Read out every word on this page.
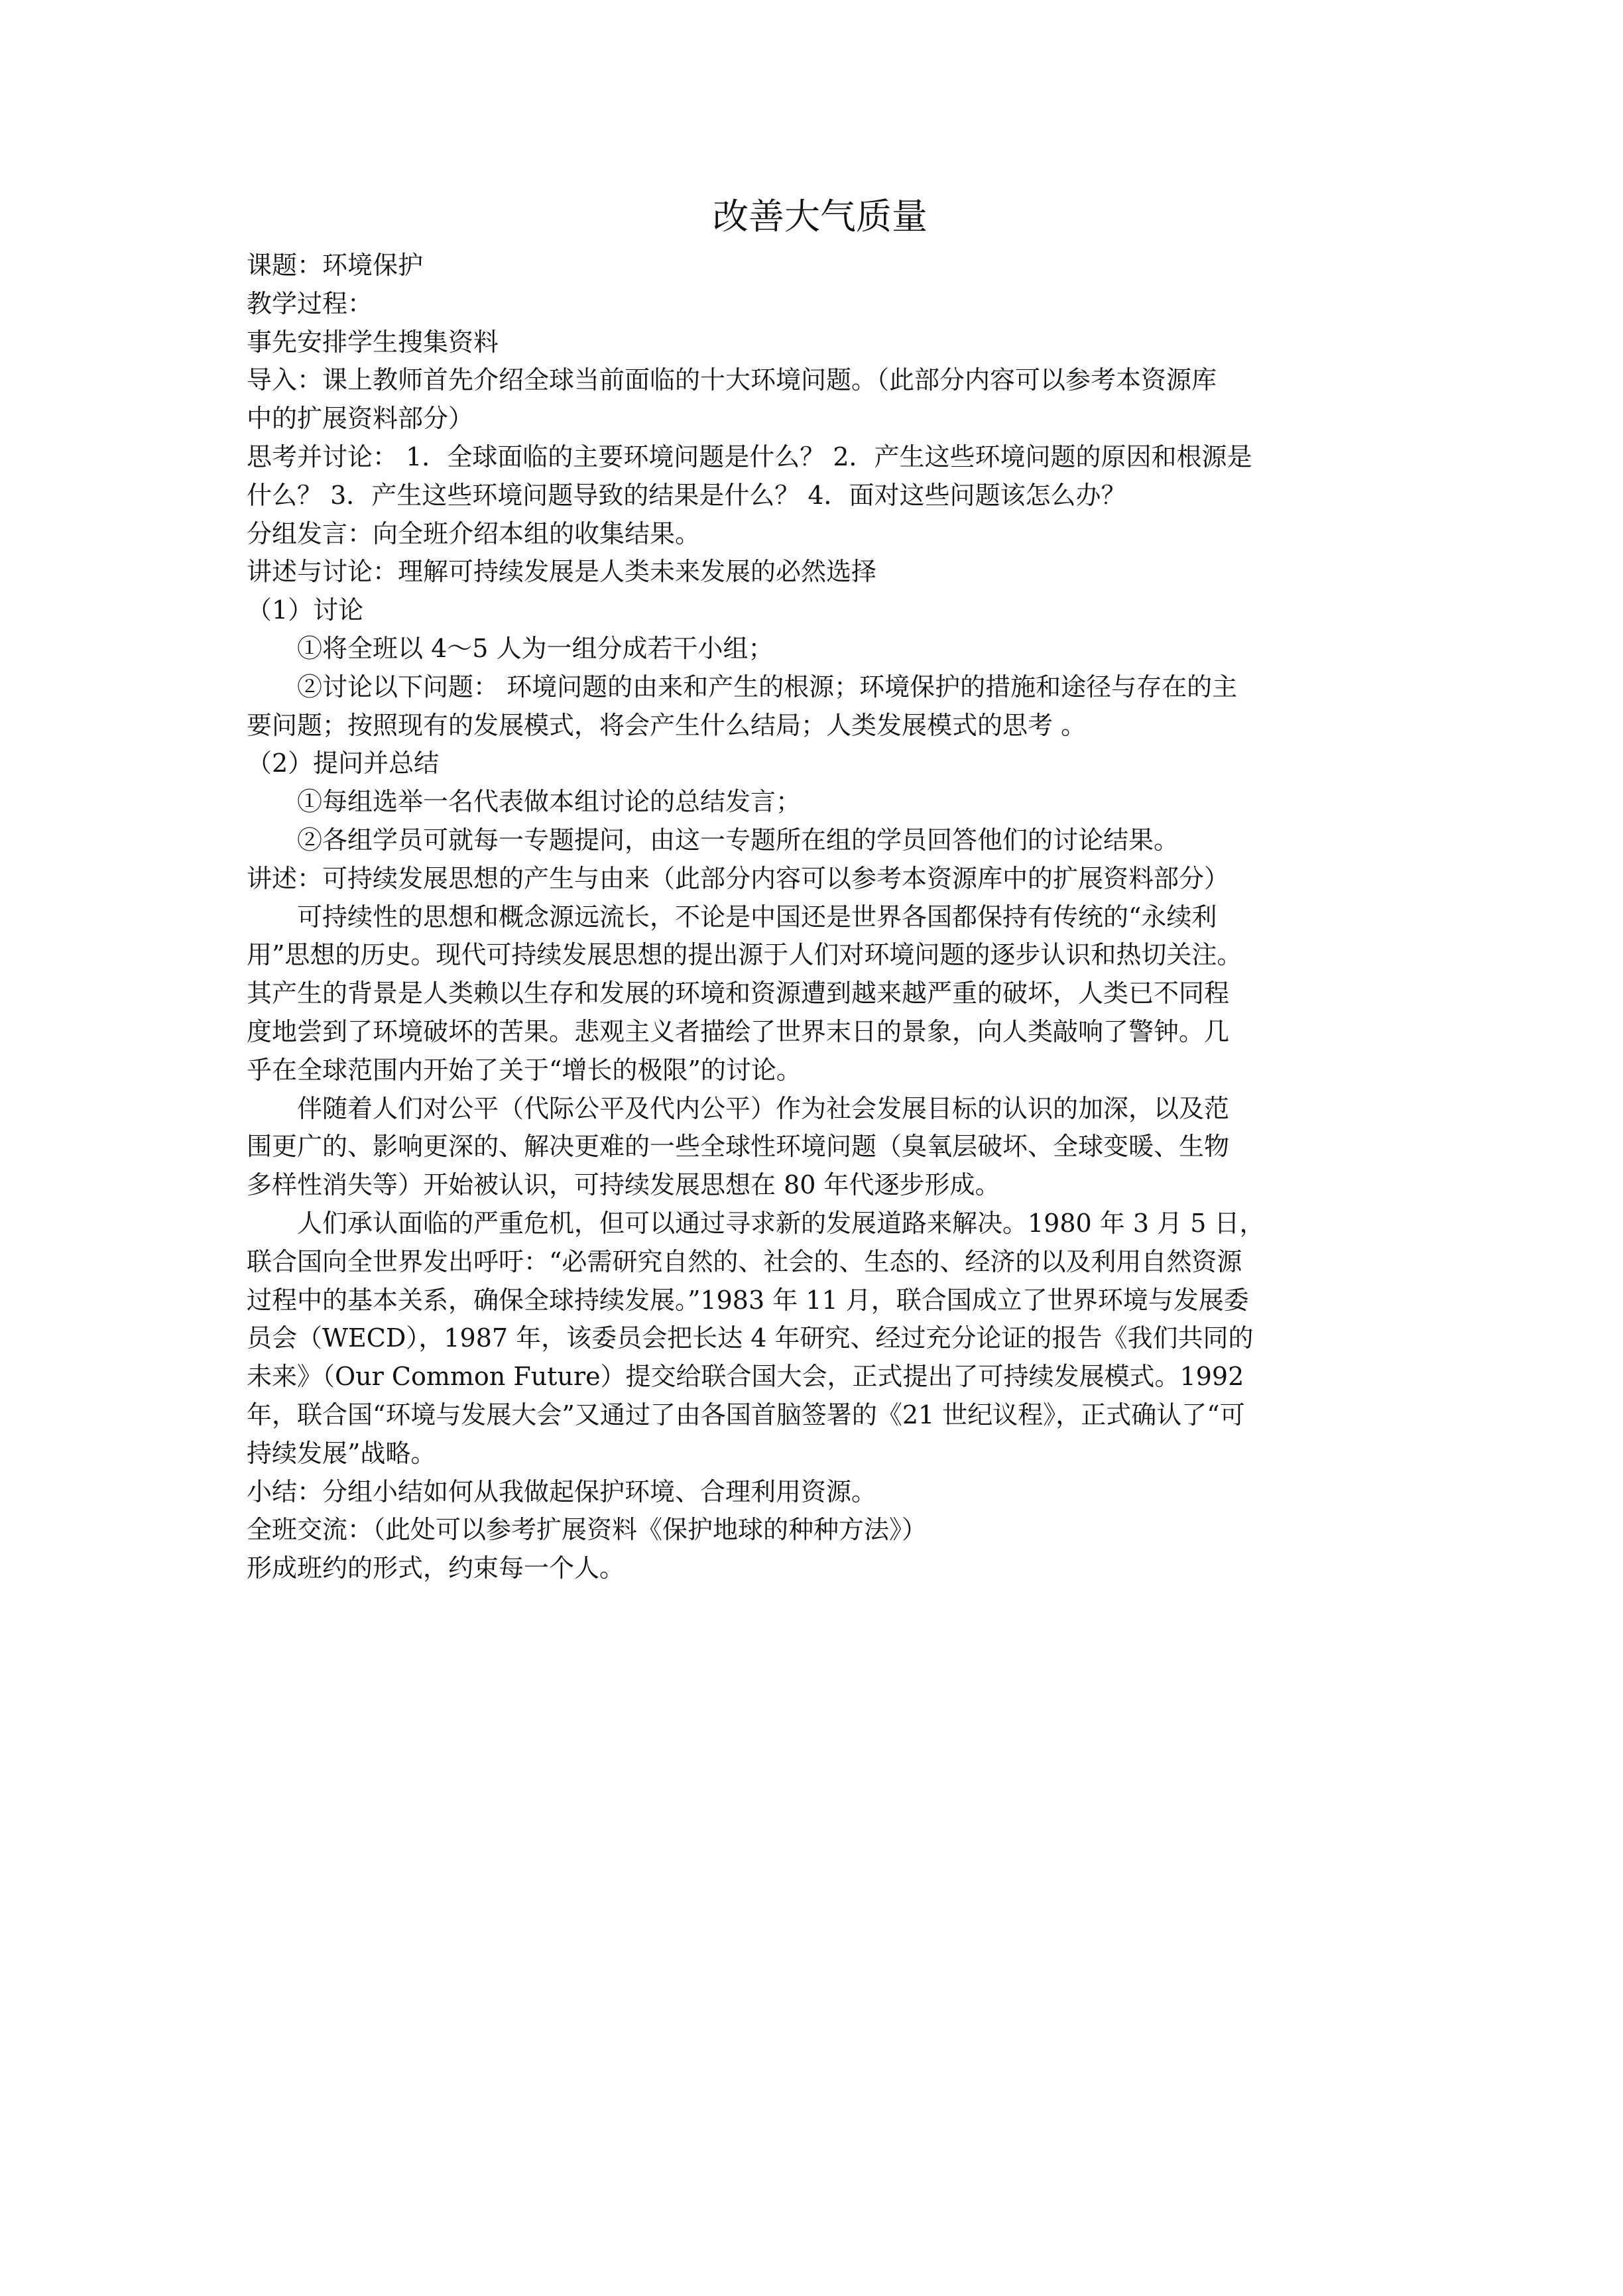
改善大气质量
课题：环境保护
教学过程：
事先安排学生搜集资料
导入：课上教师首先介绍全球当前面临的十大环境问题。（此部分内容可以参考本资源库
中的扩展资料部分）
思考并讨论： 1．全球面临的主要环境问题是什么？ 2．产生这些环境问题的原因和根源是
什么？ 3．产生这些环境问题导致的结果是什么？ 4．面对这些问题该怎么办？
分组发言：向全班介绍本组的收集结果。
讲述与讨论：理解可持续发展是人类未来发展的必然选择
（1）讨论
①将全班以 4～5 人为一组分成若干小组；
②讨论以下问题： 环境问题的由来和产生的根源；环境保护的措施和途径与存在的主
要问题；按照现有的发展模式，将会产生什么结局；人类发展模式的思考 。
（2）提问并总结
①每组选举一名代表做本组讨论的总结发言；
②各组学员可就每一专题提问，由这一专题所在组的学员回答他们的讨论结果。
讲述：可持续发展思想的产生与由来（此部分内容可以参考本资源库中的扩展资料部分）
可持续性的思想和概念源远流长，不论是中国还是世界各国都保持有传统的“永续利
用”思想的历史。现代可持续发展思想的提出源于人们对环境问题的逐步认识和热切关注。
其产生的背景是人类赖以生存和发展的环境和资源遭到越来越严重的破坏，人类已不同程
度地尝到了环境破坏的苦果。悲观主义者描绘了世界末日的景象，向人类敲响了警钟。几
乎在全球范围内开始了关于“增长的极限”的讨论。
伴随着人们对公平（代际公平及代内公平）作为社会发展目标的认识的加深，以及范
围更广的、影响更深的、解决更难的一些全球性环境问题（臭氧层破坏、全球变暖、生物
多样性消失等）开始被认识，可持续发展思想在 80 年代逐步形成。
人们承认面临的严重危机，但可以通过寻求新的发展道路来解决。1980 年 3 月 5 日，
联合国向全世界发出呼吁：“必需研究自然的、社会的、生态的、经济的以及利用自然资源
过程中的基本关系，确保全球持续发展。”1983 年 11 月，联合国成立了世界环境与发展委
员会（WECD），1987 年，该委员会把长达 4 年研究、经过充分论证的报告《我们共同的
未来》（Our Common Future）提交给联合国大会，正式提出了可持续发展模式。1992
年，联合国“环境与发展大会”又通过了由各国首脑签署的《21 世纪议程》，正式确认了“可
持续发展”战略。
小结：分组小结如何从我做起保护环境、合理利用资源。
全班交流：（此处可以参考扩展资料《保护地球的种种方法》）
形成班约的形式，约束每一个人。
